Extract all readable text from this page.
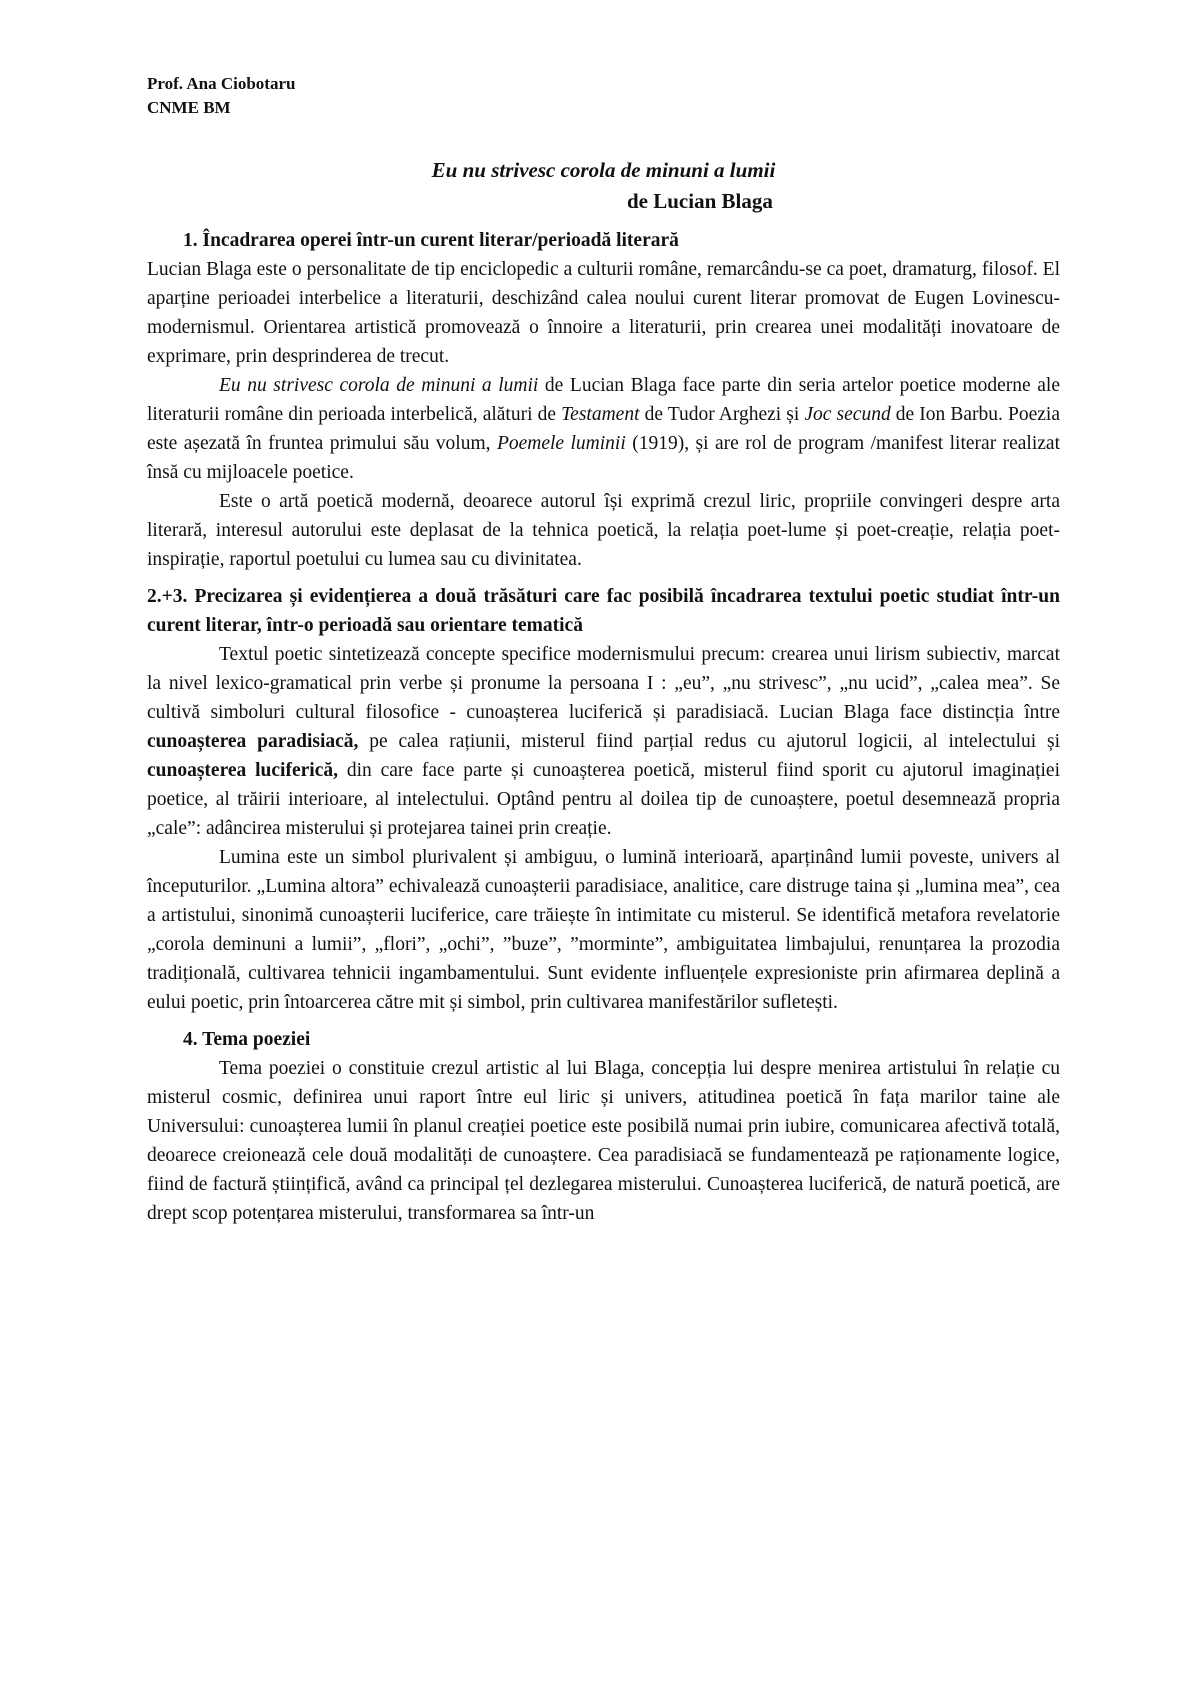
Prof. Ana Ciobotaru
CNME BM
Eu nu strivesc corola de minuni a lumii
de Lucian Blaga
1. Încadrarea operei într-un curent literar/perioadă literară

Lucian Blaga este o personalitate de tip enciclopedic a culturii române, remarcându-se ca poet, dramaturg, filosof. El aparține perioadei interbelice a literaturii, deschizând calea noului curent literar promovat de Eugen Lovinescu- modernismul. Orientarea artistică promovează o înnoire a literaturii, prin crearea unei modalități inovatoare de exprimare, prin desprinderea de trecut.

Eu nu strivesc corola de minuni a lumii de Lucian Blaga face parte din seria artelor poetice moderne ale literaturii române din perioada interbelică, alături de Testament de Tudor Arghezi și Joc secund de Ion Barbu. Poezia este așezată în fruntea primului său volum, Poemele luminii (1919), și are rol de program /manifest literar realizat însă cu mijloacele poetice.

Este o artă poetică modernă, deoarece autorul își exprimă crezul liric, propriile convingeri despre arta literară, interesul autorului este deplasat de la tehnica poetică, la relația poet-lume și poet-creație, relația poet-inspirație, raportul poetului cu lumea sau cu divinitatea.

2.+3. Precizarea și evidențierea a două trăsături care fac posibilă încadrarea textului poetic studiat într-un curent literar, într-o perioadă sau orientare tematică

Textul poetic sintetizează concepte specifice modernismului precum: crearea unui lirism subiectiv, marcat la nivel lexico-gramatical prin verbe și pronume la persoana I : „eu”, „nu strivesc”, „nu ucid”, „calea mea”. Se cultivă simboluri cultural filosofice - cunoașterea luciferică și paradisiacă. Lucian Blaga face distincția între cunoașterea paradisiacă, pe calea rațiunii, misterul fiind parțial redus cu ajutorul logicii, al intelectului și cunoașterea luciferică, din care face parte și cunoașterea poetică, misterul fiind sporit cu ajutorul imaginației poetice, al trăirii interioare, al intelectului. Optând pentru al doilea tip de cunoaștere, poetul desemnează propria „cale”: adâncirea misterului și protejarea tainei prin creație.

Lumina este un simbol plurivalent și ambiguu, o lumină interioară, aparținând lumii poveste, univers al începuturilor. „Lumina altora” echivalează cunoașterii paradisiace, analitice, care distruge taina și „lumina mea”, cea a artistului, sinonimă cunoașterii luciferice, care trăiește în intimitate cu misterul. Se identifică metafora revelatorie „corola deminuni a lumii”, „flori”, „ochi”, ”buze”, ”morminte”, ambiguitatea limbajului, renunțarea la prozodia tradițională, cultivarea tehnicii ingambamentului. Sunt evidente influențele expresioniste prin afirmarea deplină a eului poetic, prin întoarcerea către mit și simbol, prin cultivarea manifestărilor sufletești.

4. Tema poeziei

Tema poeziei o constituie crezul artistic al lui Blaga, concepția lui despre menirea artistului în relație cu misterul cosmic, definirea unui raport între eul liric și univers, atitudinea poetică în fața marilor taine ale Universului: cunoașterea lumii în planul creației poetice este posibilă numai prin iubire, comunicarea afectivă totală, deoarece creionează cele două modalități de cunoaștere. Cea paradisiacă se fundamentează pe raționamente logice, fiind de factură științifică, având ca principal țel dezlegarea misterului. Cunoașterea luciferică, de natură poetică, are drept scop potențarea misterului, transformarea sa într-un
